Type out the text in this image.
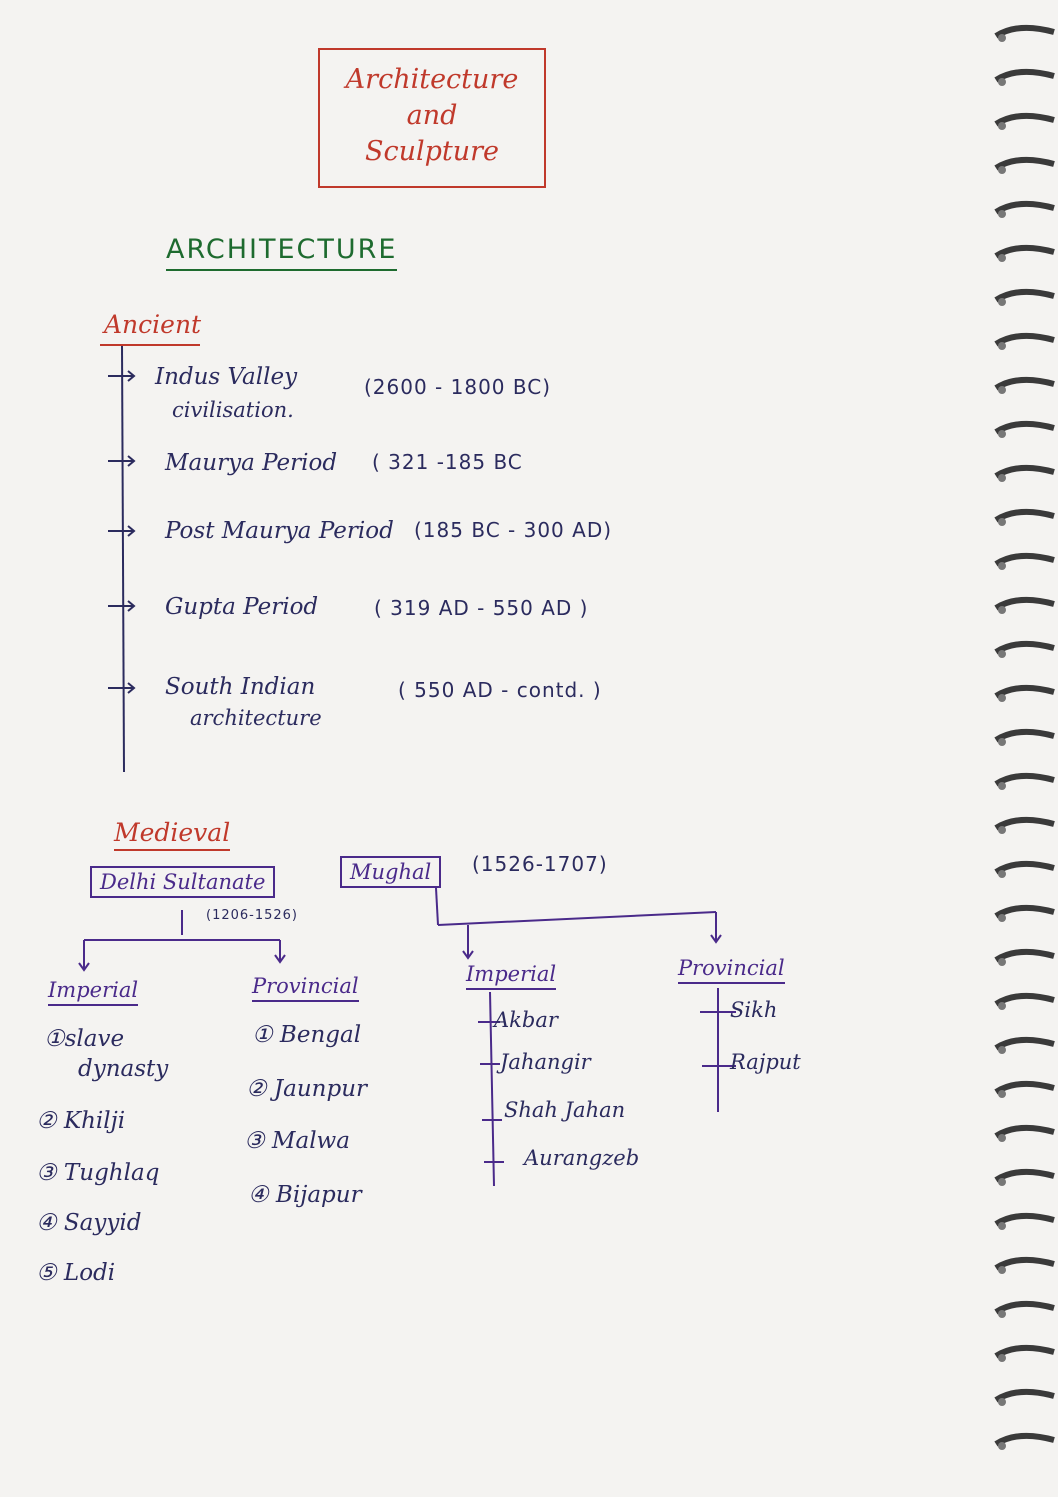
Architecture
and
Sculpture
ARCHITECTURE
Ancient
Indus Valley
civilisation.
(2600 - 1800 BC)
Maurya Period ( 321 -185 BC
Post Maurya Period (185 BC - 300 AD)
Gupta Period	( 319 AD - 550 AD )
South Indian
architecture
( 550 AD - contd. )
Medieval
Delhi Sultanate
(1206-1526)
Mughal	(1526-1707)
Imperial
①slave
dynasty
② Khilji
③ Tughlaq
④ Sayyid
⑤ Lodi
Provincial
① Bengal
② Jaunpur
③ Malwa
④ Bijapur
Imperial
Akbar
Jahangir
Shah Jahan
Aurangzeb
Provincial
Sikh
Rajput
